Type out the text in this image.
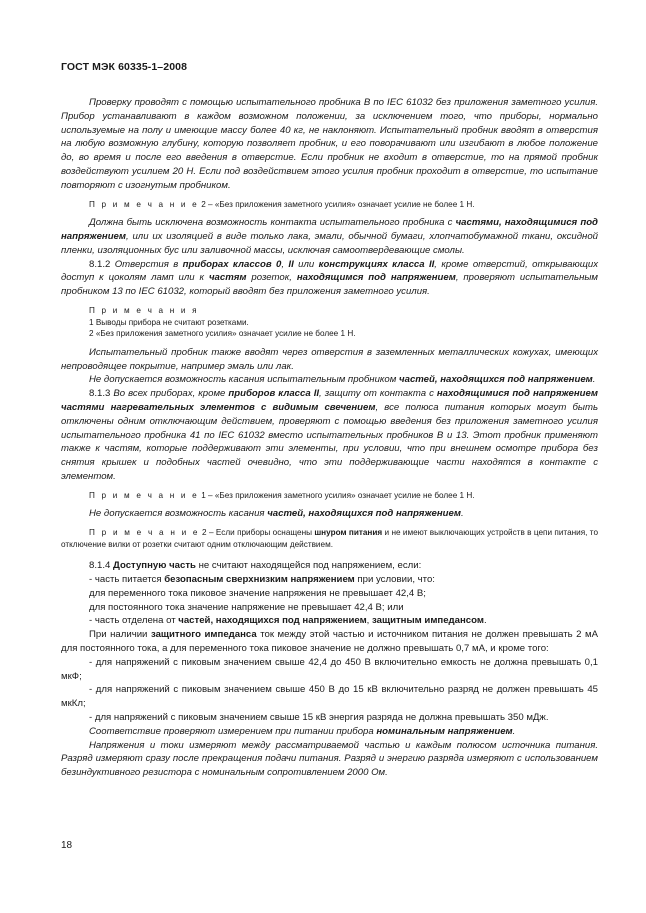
ГОСТ МЭК 60335-1–2008

Проверку проводят с помощью испытательного пробника B по IEC 61032 без приложения заметного усилия. Прибор устанавливают в каждом возможном положении, за исключением того, что приборы, нормально используемые на полу и имеющие массу более 40 кг, не наклоняют. Испытательный пробник вводят в отверстия на любую возможную глубину, которую позволяет пробник, и его поворачивают или изгибают в любое положение до, во время и после его введения в отверстие. Если пробник не входит в отверстие, то на прямой пробник воздействуют усилием 20 Н. Если под воздействием этого усилия пробник проходит в отверстие, то испытание повторяют с изогнутым пробником.

П р и м е ч а н и е 2 – «Без приложения заметного усилия» означает усилие не более 1 Н.

Должна быть исключена возможность контакта испытательного пробника с частями, находящимися под напряжением, или их изоляцией в виде только лака, эмали, обычной бумаги, хлопчатобумажной ткани, оксидной пленки, изоляционных бус или заливочной массы, исключая самоотвердевающие смолы.

8.1.2 Отверстия в приборах классов 0, II или конструкциях класса II, кроме отверстий, открывающих доступ к цоколям ламп или к частям розеток, находящимся под напряжением, проверяют испытательным пробником 13 по IEC 61032, который вводят без приложения заметного усилия.

П р и м е ч а н и я

1 Выводы прибора не считают розетками.

2 «Без приложения заметного усилия» означает усилие не более 1 Н.

Испытательный пробник также вводят через отверстия в заземленных металлических кожухах, имеющих непроводящее покрытие, например эмаль или лак.

Не допускается возможность касания испытательным пробником частей, находящихся под напряжением.

8.1.3 Во всех приборах, кроме приборов класса II, защиту от контакта с находящимися под напряжением частями нагревательных элементов с видимым свечением, все полюса питания которых могут быть отключены одним отключающим действием, проверяют с помощью введения без приложения заметного усилия испытательного пробника 41 по IEC 61032 вместо испытательных пробников B и 13. Этот пробник применяют также к частям, которые поддерживают эти элементы, при условии, что при внешнем осмотре прибора без снятия крышек и подобных частей очевидно, что эти поддерживающие части находятся в контакте с элементом.

П р и м е ч а н и е 1 – «Без приложения заметного усилия» означает усилие не более 1 Н.

Не допускается возможность касания частей, находящихся под напряжением.

П р и м е ч а н и е 2 – Если приборы оснащены шнуром питания и не имеют выключающих устройств в цепи питания, то отключение вилки от розетки считают одним отключающим действием.

8.1.4 Доступную часть не считают находящейся под напряжением, если:

- часть питается безопасным сверхнизким напряжением при условии, что:

для переменного тока пиковое значение напряжения не превышает 42,4 В;

для постоянного тока значение напряжение не превышает 42,4 В; или

- часть отделена от частей, находящихся под напряжением, защитным импедансом.

При наличии защитного импеданса ток между этой частью и источником питания не должен превышать 2 мА для постоянного тока, а для переменного тока пиковое значение не должно превышать 0,7 мА, и кроме того:

- для напряжений с пиковым значением свыше 42,4 до 450 В включительно емкость не должна превышать 0,1 мкФ;

- для напряжений с пиковым значением свыше 450 В до 15 кВ включительно разряд не должен превышать 45 мкКл;

- для напряжений с пиковым значением свыше 15 кВ энергия разряда не должна превышать 350 мДж.

Соответствие проверяют измерением при питании прибора номинальным напряжением.

Напряжения и токи измеряют между рассматриваемой частью и каждым полюсом источника питания. Разряд измеряют сразу после прекращения подачи питания. Разряд и энергию разряда измеряют с использованием безиндуктивного резистора с номинальным сопротивлением 2000 Ом.

18
